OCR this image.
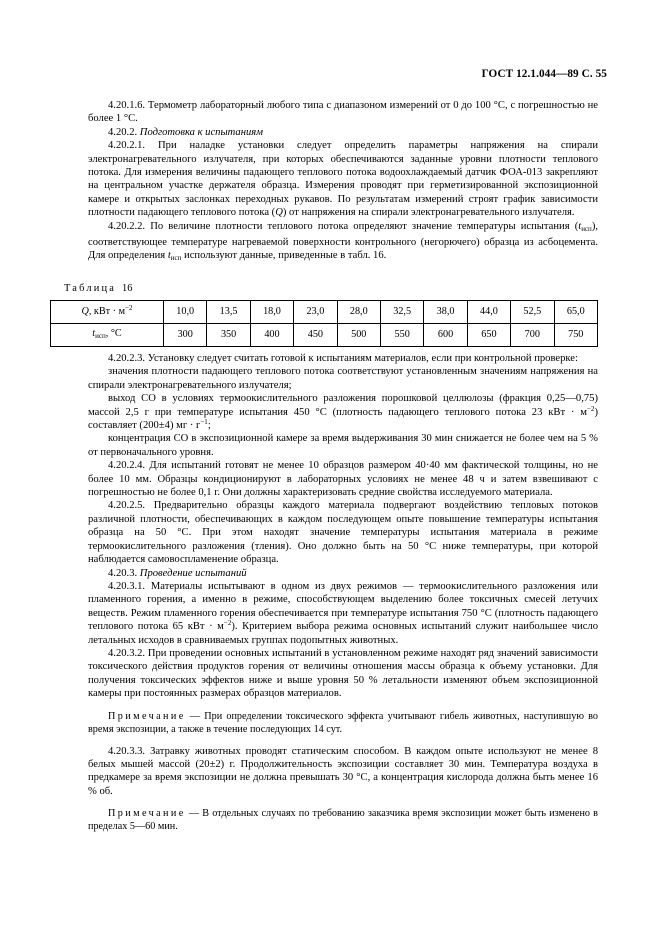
ГОСТ 12.1.044—89 С. 55

4.20.1.6. Термометр лабораторный любого типа с диапазоном измерений от 0 до 100 °С, с погрешностью не более 1 °С.

4.20.2. Подготовка к испытаниям

4.20.2.1. При наладке установки следует определить параметры напряжения на спирали электронагревательного излучателя, при которых обеспечиваются заданные уровни плотности теплового потока. Для измерения величины падающего теплового потока водоохлаждаемый датчик ФОА-013 закрепляют на центральном участке держателя образца. Измерения проводят при герметизированной экспозиционной камере и открытых заслонках переходных рукавов. По результатам измерений строят график зависимости плотности падающего теплового потока (Q) от напряжения на спирали электронагревательного излучателя.

4.20.2.2. По величине плотности теплового потока определяют значение температуры испытания $(t_{исп})$, соответствующее температуре нагреваемой поверхности контрольного (негорючего) образца из асбоцемента. Для определения $t_{исп}$ используют данные, приведенные в табл. 16.

Таблица 16
Q, кВт · $м^{-2}$	10,0	13,5	18,0	23,0	28,0	32,5	38,0	44,0	52,5	65,0
$t_{исп}$, °С	300	350	400	450	500	550	600	650	700	750

4.20.2.3. Установку следует считать готовой к испытаниям материалов, если при контрольной проверке:

значения плотности падающего теплового потока соответствуют установленным значениям напряжения на спирали электронагревательного излучателя;

выход СО в условиях термоокислительного разложения порошковой целлюлозы (фракция 0,25—0,75) массой 2,5 г при температуре испытания 450 °С (плотность падающего теплового потока 23 кВт · $м^{-2}$) составляет (200±4) мг · $г^{-1}$;

концентрация СО в экспозиционной камере за время выдерживания 30 мин снижается не более чем на 5 % от первоначального уровня.

4.20.2.4. Для испытаний готовят не менее 10 образцов размером 40·40 мм фактической толщины, но не более 10 мм. Образцы кондиционируют в лабораторных условиях не менее 48 ч и затем взвешивают с погрешностью не более 0,1 г. Они должны характеризовать средние свойства исследуемого материала.

4.20.2.5. Предварительно образцы каждого материала подвергают воздействию тепловых потоков различной плотности, обеспечивающих в каждом последующем опыте повышение температуры испытания образца на 50 °С. При этом находят значение температуры испытания материала в режиме термоокислительного разложения (тления). Оно должно быть на 50 °С ниже температуры, при которой наблюдается самовоспламенение образца.

4.20.3. Проведение испытаний

4.20.3.1. Материалы испытывают в одном из двух режимов — термоокислительного разложения или пламенного горения, а именно в режиме, способствующем выделению более токсичных смесей летучих веществ. Режим пламенного горения обеспечивается при температуре испытания 750 °С (плотность падающего теплового потока 65 кВт · $м^{-2}$). Критерием выбора режима основных испытаний служит наибольшее число летальных исходов в сравниваемых группах подопытных животных.

4.20.3.2. При проведении основных испытаний в установленном режиме находят ряд значений зависимости токсического действия продуктов горения от величины отношения массы образца к объему установки. Для получения токсических эффектов ниже и выше уровня 50 % летальности изменяют объем экспозиционной камеры при постоянных размерах образцов материалов.

Примечание — При определении токсического эффекта учитывают гибель животных, наступившую во время экспозиции, а также в течение последующих 14 сут.

4.20.3.3. Затравку животных проводят статическим способом. В каждом опыте используют не менее 8 белых мышей массой (20±2) г. Продолжительность экспозиции составляет 30 мин. Температура воздуха в предкамере за время экспозиции не должна превышать 30 °С, а концентрация кислорода должна быть менее 16 % об.

Примечание — В отдельных случаях по требованию заказчика время экспозиции может быть изменено в пределах 5—60 мин.
